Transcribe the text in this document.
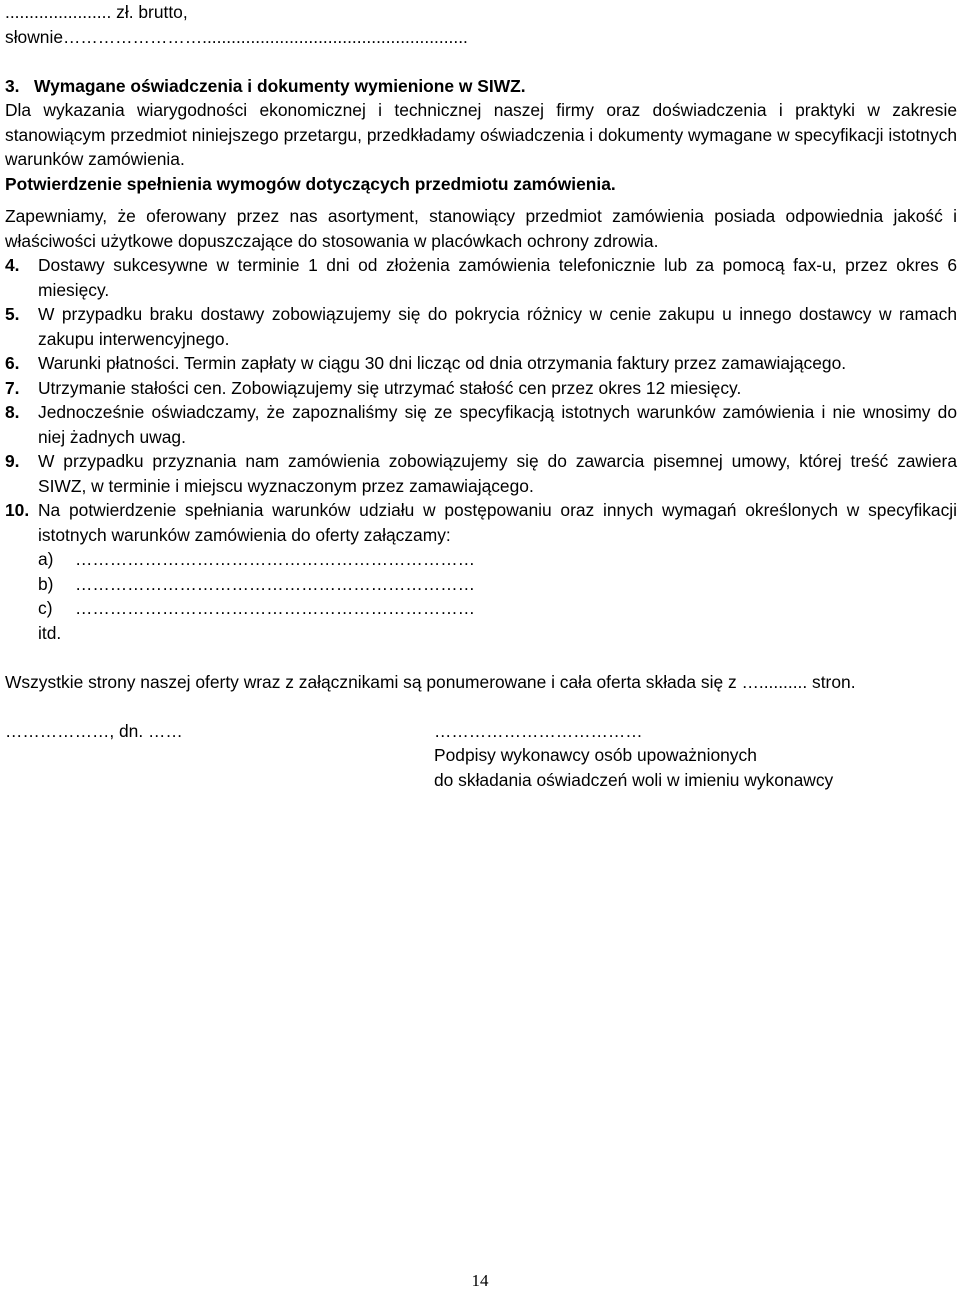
...................... zł. brutto,

słownie…………………….......................................................

3. Wymagane oświadczenia i dokumenty wymienione w SIWZ.

Dla wykazania wiarygodności ekonomicznej i technicznej naszej firmy oraz doświadczenia i praktyki w zakresie stanowiącym przedmiot niniejszego przetargu, przedkładamy oświadczenia i dokumenty wymagane w specyfikacji istotnych warunków zamówienia.

Potwierdzenie spełnienia wymogów dotyczących przedmiotu zamówienia.

Zapewniamy, że oferowany przez nas asortyment, stanowiący przedmiot zamówienia posiada odpowiednia jakość i właściwości użytkowe dopuszczające do stosowania w placówkach ochrony zdrowia.

4. Dostawy sukcesywne w terminie 1 dni od złożenia zamówienia telefonicznie lub za pomocą fax-u, przez okres 6 miesięcy.
5. W przypadku braku dostawy zobowiązujemy się do pokrycia różnicy w cenie zakupu u innego dostawcy w ramach zakupu interwencyjnego.
6. Warunki płatności. Termin zapłaty w ciągu 30 dni licząc od dnia otrzymania faktury przez zamawiającego.
7. Utrzymanie stałości cen. Zobowiązujemy się utrzymać stałość cen przez okres 12 miesięcy.
8. Jednocześnie oświadczamy, że zapoznaliśmy się ze specyfikacją istotnych warunków zamówienia i nie wnosimy do niej żadnych uwag.
9. W przypadku przyznania nam zamówienia zobowiązujemy się do zawarcia pisemnej umowy, której treść zawiera SIWZ, w terminie i miejscu wyznaczonym przez zamawiającego.
10. Na potwierdzenie spełniania warunków udziału w postępowaniu oraz innych wymagań określonych w specyfikacji istotnych warunków zamówienia do oferty załączamy:
a) ……………………………………………………………
b) ……………………………………………………………
c) ……………………………………………………………
itd.

Wszystkie strony naszej oferty wraz z załącznikami są ponumerowane i cała oferta składa się z ….......... stron.

………………, dn. ……	………………………………

Podpisy wykonawcy osób upoważnionych

do składania oświadczeń woli w imieniu wykonawcy

14
